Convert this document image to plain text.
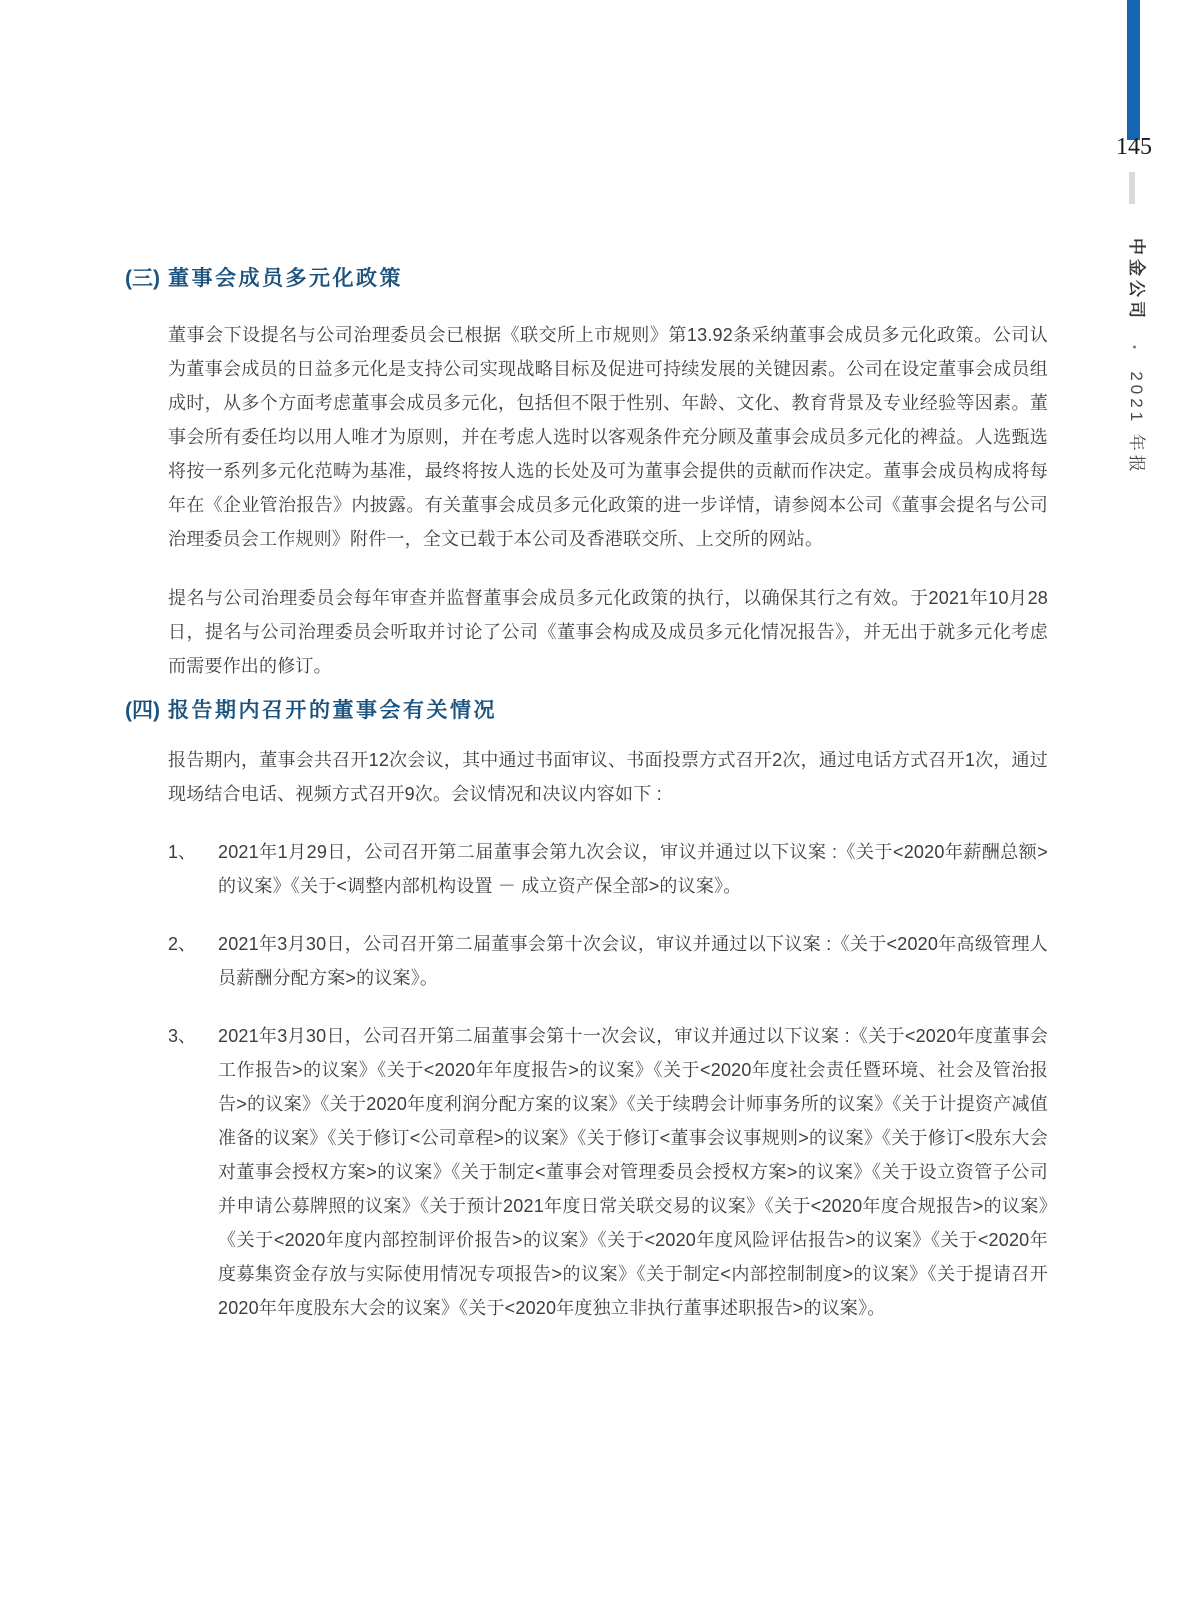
145
中金公司 • 2021 年报
(三) 董事会成员多元化政策

董事会下设提名与公司治理委员会已根据《联交所上市规则》第13.92条采纳董事会成员多元化政策。公司认为董事会成员的日益多元化是支持公司实现战略目标及促进可持续发展的关键因素。公司在设定董事会成员组成时，从多个方面考虑董事会成员多元化，包括但不限于性别、年龄、文化、教育背景及专业经验等因素。董事会所有委任均以用人唯才为原则，并在考虑人选时以客观条件充分顾及董事会成员多元化的裨益。人选甄选将按一系列多元化范畴为基准，最终将按人选的长处及可为董事会提供的贡献而作决定。董事会成员构成将每年在《企业管治报告》内披露。有关董事会成员多元化政策的进一步详情，请参阅本公司《董事会提名与公司治理委员会工作规则》附件一，全文已载于本公司及香港联交所、上交所的网站。

提名与公司治理委员会每年审查并监督董事会成员多元化政策的执行，以确保其行之有效。于2021年10月28日，提名与公司治理委员会听取并讨论了公司《董事会构成及成员多元化情况报告》，并无出于就多元化考虑而需要作出的修订。

(四) 报告期内召开的董事会有关情况

报告期内，董事会共召开12次会议，其中通过书面审议、书面投票方式召开2次，通过电话方式召开1次，通过现场结合电话、视频方式召开9次。会议情况和决议内容如下 :

1、	2021年1月29日，公司召开第二届董事会第九次会议，审议并通过以下议案 :《关于<2020年薪酬总额>的议案》《关于<调整内部机构设置 － 成立资产保全部>的议案》。

2、	2021年3月30日，公司召开第二届董事会第十次会议，审议并通过以下议案 :《关于<2020年高级管理人员薪酬分配方案>的议案》。

3、	2021年3月30日，公司召开第二届董事会第十一次会议，审议并通过以下议案 :《关于<2020年度董事会工作报告>的议案》《关于<2020年年度报告>的议案》《关于<2020年度社会责任暨环境、社会及管治报告>的议案》《关于2020年度利润分配方案的议案》《关于续聘会计师事务所的议案》《关于计提资产减值准备的议案》《关于修订<公司章程>的议案》《关于修订<董事会议事规则>的议案》《关于修订<股东大会对董事会授权方案>的议案》《关于制定<董事会对管理委员会授权方案>的议案》《关于设立资管子公司并申请公募牌照的议案》《关于预计2021年度日常关联交易的议案》《关于<2020年度合规报告>的议案》《关于<2020年度内部控制评价报告>的议案》《关于<2020年度风险评估报告>的议案》《关于<2020年度募集资金存放与实际使用情况专项报告>的议案》《关于制定<内部控制制度>的议案》《关于提请召开2020年年度股东大会的议案》《关于<2020年度独立非执行董事述职报告>的议案》。
